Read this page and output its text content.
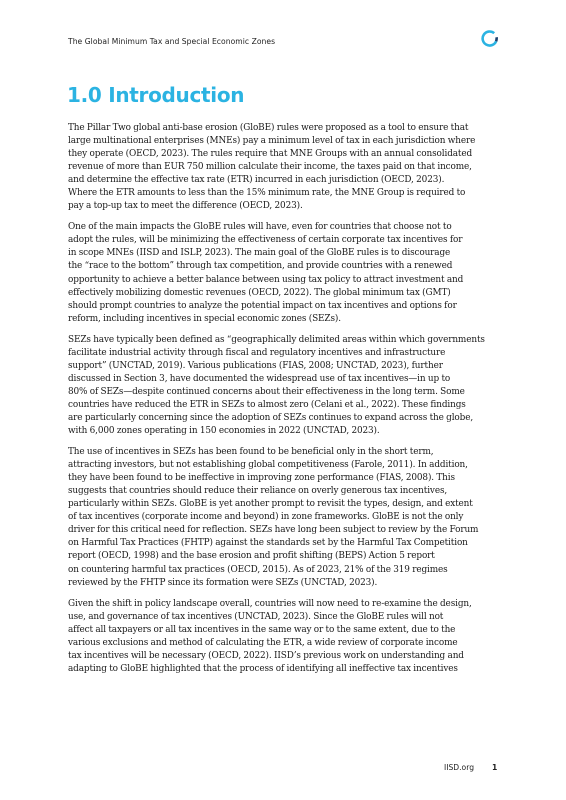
The Global Minimum Tax and Special Economic Zones
1.0 Introduction

The Pillar Two global anti-base erosion (GloBE) rules were proposed as a tool to ensure that
large multinational enterprises (MNEs) pay a minimum level of tax in each jurisdiction where
they operate (OECD, 2023). The rules require that MNE Groups with an annual consolidated
revenue of more than EUR 750 million calculate their income, the taxes paid on that income,
and determine the effective tax rate (ETR) incurred in each jurisdiction (OECD, 2023).
Where the ETR amounts to less than the 15% minimum rate, the MNE Group is required to
pay a top-up tax to meet the difference (OECD, 2023).

One of the main impacts the GloBE rules will have, even for countries that choose not to
adopt the rules, will be minimizing the effectiveness of certain corporate tax incentives for
in scope MNEs (IISD and ISLP, 2023). The main goal of the GloBE rules is to discourage
the “race to the bottom” through tax competition, and provide countries with a renewed
opportunity to achieve a better balance between using tax policy to attract investment and
effectively mobilizing domestic revenues (OECD, 2022). The global minimum tax (GMT)
should prompt countries to analyze the potential impact on tax incentives and options for
reform, including incentives in special economic zones (SEZs).

SEZs have typically been defined as “geographically delimited areas within which governments
facilitate industrial activity through fiscal and regulatory incentives and infrastructure
support” (UNCTAD, 2019). Various publications (FIAS, 2008; UNCTAD, 2023), further
discussed in Section 3, have documented the widespread use of tax incentives—in up to
80% of SEZs—despite continued concerns about their effectiveness in the long term. Some
countries have reduced the ETR in SEZs to almost zero (Celani et al., 2022). These findings
are particularly concerning since the adoption of SEZs continues to expand across the globe,
with 6,000 zones operating in 150 economies in 2022 (UNCTAD, 2023).

The use of incentives in SEZs has been found to be beneficial only in the short term,
attracting investors, but not establishing global competitiveness (Farole, 2011). In addition,
they have been found to be ineffective in improving zone performance (FIAS, 2008). This
suggests that countries should reduce their reliance on overly generous tax incentives,
particularly within SEZs. GloBE is yet another prompt to revisit the types, design, and extent
of tax incentives (corporate income and beyond) in zone frameworks. GloBE is not the only
driver for this critical need for reflection. SEZs have long been subject to review by the Forum
on Harmful Tax Practices (FHTP) against the standards set by the Harmful Tax Competition
report (OECD, 1998) and the base erosion and profit shifting (BEPS) Action 5 report
on countering harmful tax practices (OECD, 2015). As of 2023, 21% of the 319 regimes
reviewed by the FHTP since its formation were SEZs (UNCTAD, 2023).

Given the shift in policy landscape overall, countries will now need to re-examine the design,
use, and governance of tax incentives (UNCTAD, 2023). Since the GloBE rules will not
affect all taxpayers or all tax incentives in the same way or to the same extent, due to the
various exclusions and method of calculating the ETR, a wide review of corporate income
tax incentives will be necessary (OECD, 2022). IISD’s previous work on understanding and
adapting to GloBE highlighted that the process of identifying all ineffective tax incentives

IISD.org 1
